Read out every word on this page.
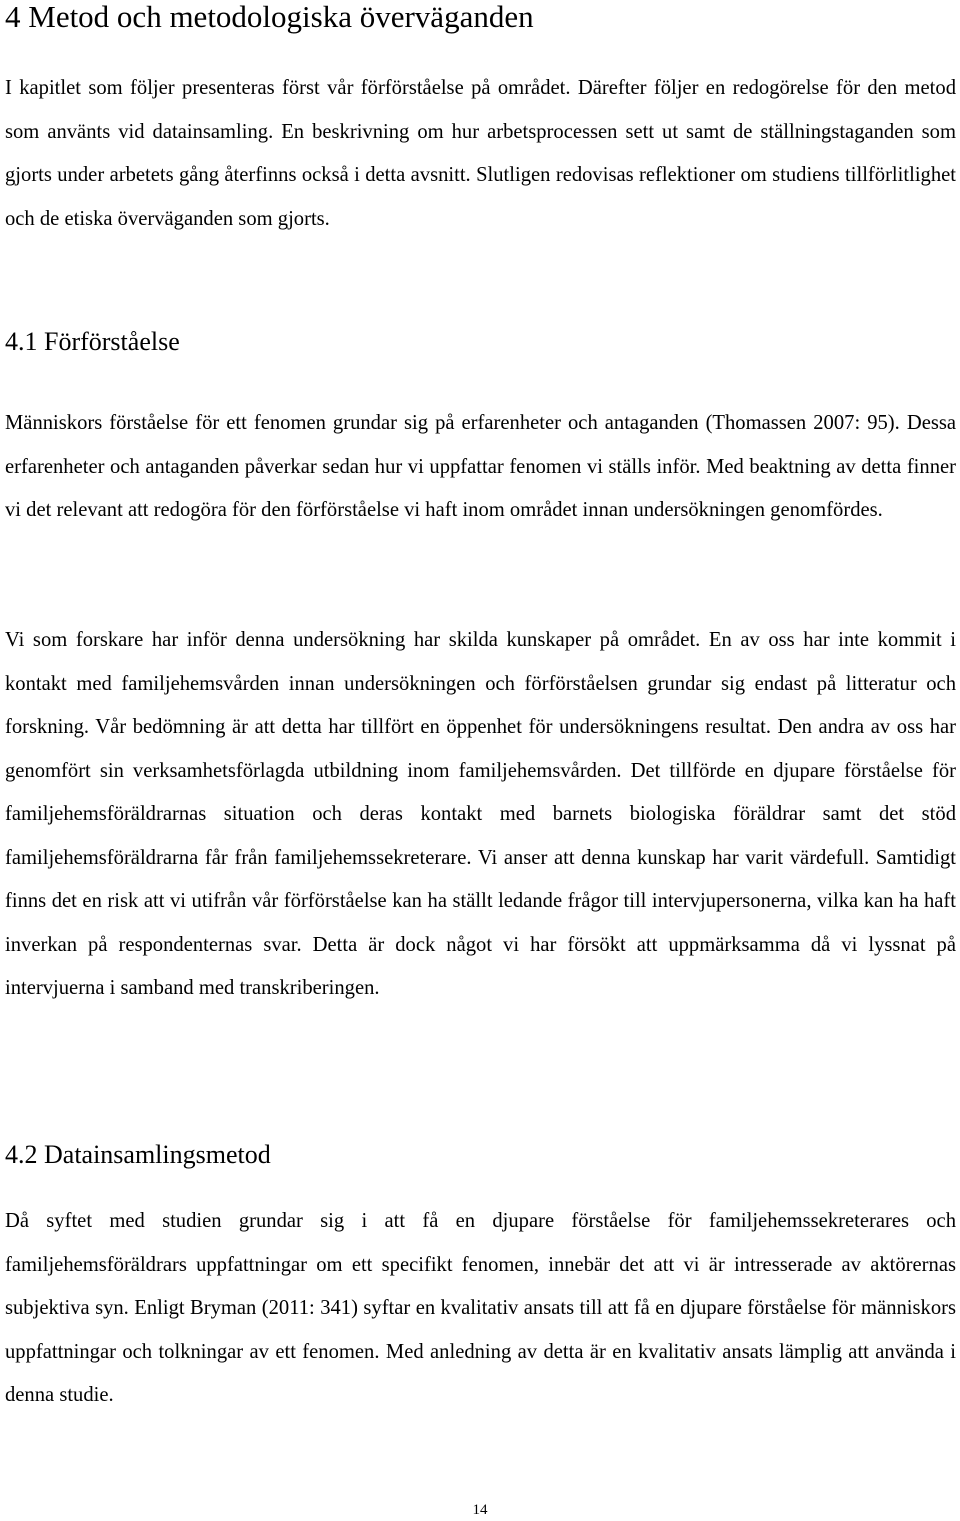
4 Metod och metodologiska överväganden

I kapitlet som följer presenteras först vår förförståelse på området. Därefter följer en redogörelse för den metod som använts vid datainsamling. En beskrivning om hur arbetsprocessen sett ut samt de ställningstaganden som gjorts under arbetets gång återfinns också i detta avsnitt. Slutligen redovisas reflektioner om studiens tillförlitlighet och de etiska överväganden som gjorts.

4.1 Förförståelse

Människors förståelse för ett fenomen grundar sig på erfarenheter och antaganden (Thomassen 2007: 95). Dessa erfarenheter och antaganden påverkar sedan hur vi uppfattar fenomen vi ställs inför. Med beaktning av detta finner vi det relevant att redogöra för den förförståelse vi haft inom området innan undersökningen genomfördes.

Vi som forskare har inför denna undersökning har skilda kunskaper på området. En av oss har inte kommit i kontakt med familjehemsvården innan undersökningen och förförståelsen grundar sig endast på litteratur och forskning. Vår bedömning är att detta har tillfört en öppenhet för undersökningens resultat. Den andra av oss har genomfört sin verksamhetsförlagda utbildning inom familjehemsvården. Det tillförde en djupare förståelse för familjehemsföräldrarnas situation och deras kontakt med barnets biologiska föräldrar samt det stöd familjehemsföräldrarna får från familjehemssekreterare. Vi anser att denna kunskap har varit värdefull. Samtidigt finns det en risk att vi utifrån vår förförståelse kan ha ställt ledande frågor till intervjupersonerna, vilka kan ha haft inverkan på respondenternas svar. Detta är dock något vi har försökt att uppmärksamma då vi lyssnat på intervjuerna i samband med transkriberingen.

4.2 Datainsamlingsmetod

Då syftet med studien grundar sig i att få en djupare förståelse för familjehemssekreterares och familjehemsföräldrars uppfattningar om ett specifikt fenomen, innebär det att vi är intresserade av aktörernas subjektiva syn. Enligt Bryman (2011: 341) syftar en kvalitativ ansats till att få en djupare förståelse för människors uppfattningar och tolkningar av ett fenomen. Med anledning av detta är en kvalitativ ansats lämplig att använda i denna studie.

14
